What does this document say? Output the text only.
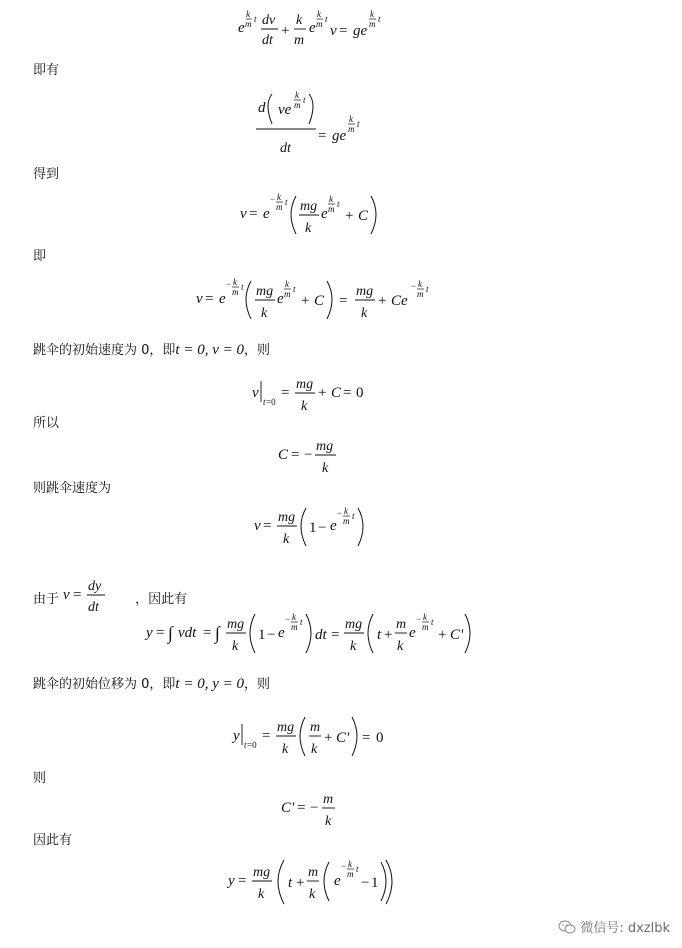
e
k
m t dv
dt
+
k
m
e
k
m t
v = ge
k
m t
d ve
k
m t
dt
= ge
k
m t
v = e
− k
m t mg
k
e
k
m t
+ C
v = e
− k
m t mg
k
e
k
m t
+ C =
mg
k
+ Ce
− k
m t
v
t =0
=
mg
k
+ C = 0
C = −
mg
k
v =
mg
k
1 − e
− k
m t
y = ∫ vdt = ∫ mg
k
1 − e
− k
m t
dt =
mg
k
t +
m
k
e
− k
m t
+ C'
y
t =0
=
mg
k
m
k
+ C' = 0
C' = −
m
k
y =
mg
k
t +
m
k
e
− k
m t
− 1
即有
得到
即
跳伞的初始速度为 0，即t = 0, v = 0，则
所以
则跳伞速度为
由于 v =
dy
dt
，因此有
跳伞的初始位移为 0，即t = 0, y = 0，则
则
因此有
微信号: dxzlbk
